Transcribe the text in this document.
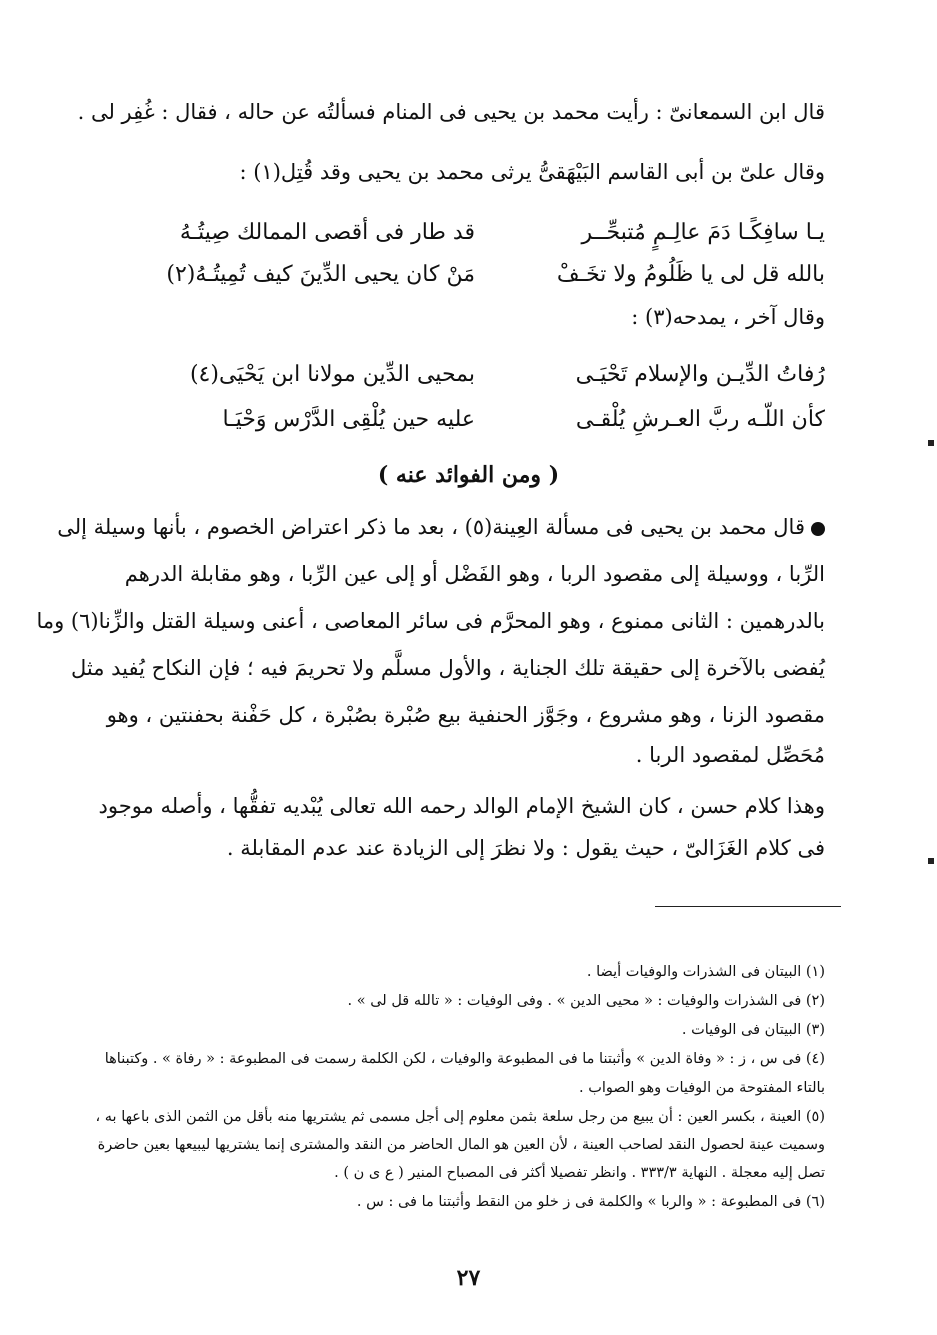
قال ابن السمعانىّ : رأيت محمد بن يحيى فى المنام فسألتُه عن حاله ، فقال : غُفِر لى .
وقال علىّ بن أبى القاسم البَيْهَقىُّ يرثى محمد بن يحيى وقد قُتِل(١) :
يـا سافِكًـا دَمَ عالِـمٍ مُتبحِّــر
قد طار فى أقصى الممالك صِيتُـهُ
بالله قل لى يا ظَلُومُ ولا تخَـفْ
مَنْ كان يحيى الدِّينَ كيف تُمِيتُـهُ(٢)
وقال آخر ، يمدحه(٣) :
رُفاتُ الدِّيـن والإسلام تَحْيَـى
بمحيى الدِّين مولانا ابن يَحْيَى(٤)
كأن اللّـه ربَّ العـرشِ يُلْقـى
عليه حين يُلْقِى الدَّرْس وَحْيَـا
( ومن الفوائد عنه )
قال محمد بن يحيى فى مسألة العِينة(٥) ، بعد ما ذكر اعتراض الخصوم ، بأنها وسيلة إلى
الرِّبا ، ووسيلة إلى مقصود الربا ، وهو الفَضْل أو إلى عين الرِّبا ، وهو مقابلة الدرهم
بالدرهمين : الثانى ممنوع ، وهو المحرَّم فى سائر المعاصى ، أعنى وسيلة القتل والزِّنا(٦) وما
يُفضى بالآخرة إلى حقيقة تلك الجناية ، والأول مسلَّم ولا تحريمَ فيه ؛ فإن النكاح يُفيد مثل
مقصود الزنا ، وهو مشروع ، وجَوَّز الحنفية بيع صُبْرة بصُبْرة ، كل حَفْنة بحفنتين ، وهو
مُحَصِّل لمقصود الربا .
وهذا كلام حسن ، كان الشيخ الإمام الوالد رحمه الله تعالى يُبْديه تفقُّها ، وأصله موجود
فى كلام الغَزَالىّ ، حيث يقول : ولا نظرَ إلى الزيادة عند عدم المقابلة .
(١) البيتان فى الشذرات والوفيات أيضا .
(٢) فى الشذرات والوفيات : « محيى الدين » . وفى الوفيات : « تالله قل لى » .
(٣) البيتان فى الوفيات .
(٤) فى س ، ز : « وفاة الدين » وأثبتنا ما فى المطبوعة والوفيات ، لكن الكلمة رسمت فى المطبوعة : « رفاة » . وكتبناها
بالتاء المفتوحة من الوفيات وهو الصواب .
(٥) العينة ، بكسر العين : أن يبيع من رجل سلعة بثمن معلوم إلى أجل مسمى ثم يشتريها منه بأقل من الثمن الذى باعها به ،
وسميت عينة لحصول النقد لصاحب العينة ، لأن العين هو المال الحاضر من النقد والمشترى إنما يشتريها ليبيعها بعين حاضرة
تصل إليه معجلة . النهاية ٣٣٣/٣ . وانظر تفصيلا أكثر فى المصباح المنير ( ع ى ن ) .
(٦) فى المطبوعة : « والربا » والكلمة فى ز خلو من النقط وأثبتنا ما فى : س .
٢٧
